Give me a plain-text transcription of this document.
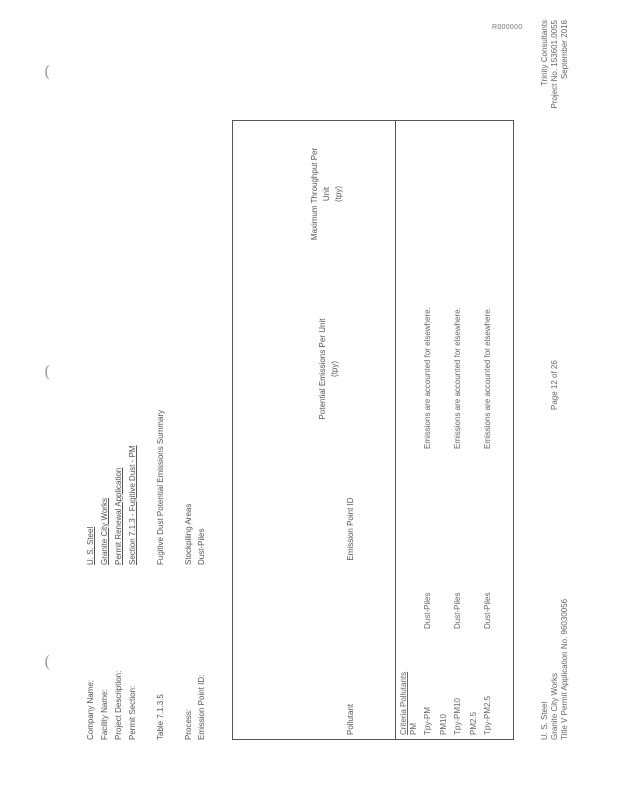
(
(
(
R000000
Company Name:
U. S. Steel
Facility Name:
Granite City Works
Project Description:
Permit Renewal Application
Permit Section:
Section 7.1.3 - Fugitive Dust - PM
Table 7.1.3.5
Fugitive Dust Potential Emissions Summary
Process:
Stockpiling Areas
Emission Point ID:
Dust-Piles
Pollutant
Emission Point ID
Potential Emissions Per Unit (tpy)
Maximum Throughput Per Unit (tpy)
Criteria Pollutants PM Tpy-PM
Dust-Piles
Emissions are accounted for elsewhere.
PM10 Tpy-PM10
Dust-Piles
Emissions are accounted for elsewhere.
PM2.5 Tpy-PM2.5
Dust-Piles
Emissions are accounted for elsewhere.
U. S. Steel Granite City Works Title V Permit Application No. 96030056
Page 12 of 26
Trinity Consultants Project No. 153601.0055 September 2016
